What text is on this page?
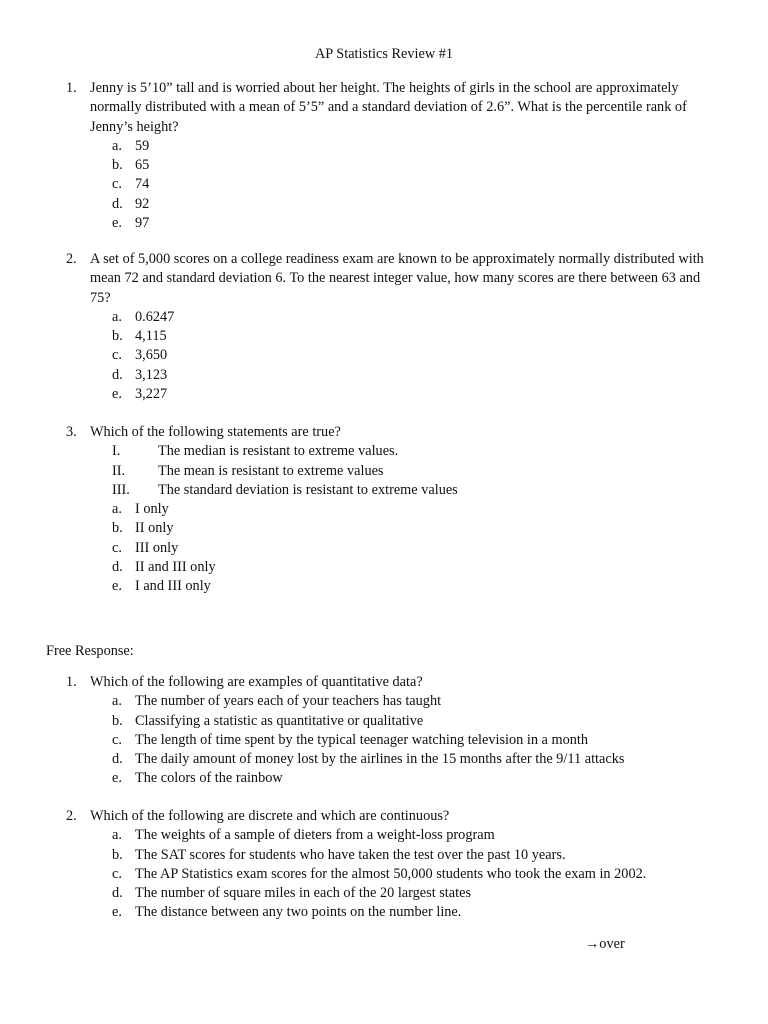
AP Statistics Review #1
1. Jenny is 5’10” tall and is worried about her height. The heights of girls in the school are approximately normally distributed with a mean of 5’5” and a standard deviation of 2.6”. What is the percentile rank of Jenny’s height?
a. 59
b. 65
c. 74
d. 92
e. 97
2. A set of 5,000 scores on a college readiness exam are known to be approximately normally distributed with mean 72 and standard deviation 6. To the nearest integer value, how many scores are there between 63 and 75?
a. 0.6247
b. 4,115
c. 3,650
d. 3,123
e. 3,227
3. Which of the following statements are true?
I.	The median is resistant to extreme values.
II. The mean is resistant to extreme values
III. The standard deviation is resistant to extreme values
a. I only
b. II only
c. III only
d. II and III only
e. I and III only
Free Response:
1. Which of the following are examples of quantitative data?
a. The number of years each of your teachers has taught
b. Classifying a statistic as quantitative or qualitative
c. The length of time spent by the typical teenager watching television in a month
d. The daily amount of money lost by the airlines in the 15 months after the 9/11 attacks
e. The colors of the rainbow
2. Which of the following are discrete and which are continuous?
a. The weights of a sample of dieters from a weight-loss program
b. The SAT scores for students who have taken the test over the past 10 years.
c. The AP Statistics exam scores for the almost 50,000 students who took the exam in 2002.
d. The number of square miles in each of the 20 largest states
e. The distance between any two points on the number line.
→over
